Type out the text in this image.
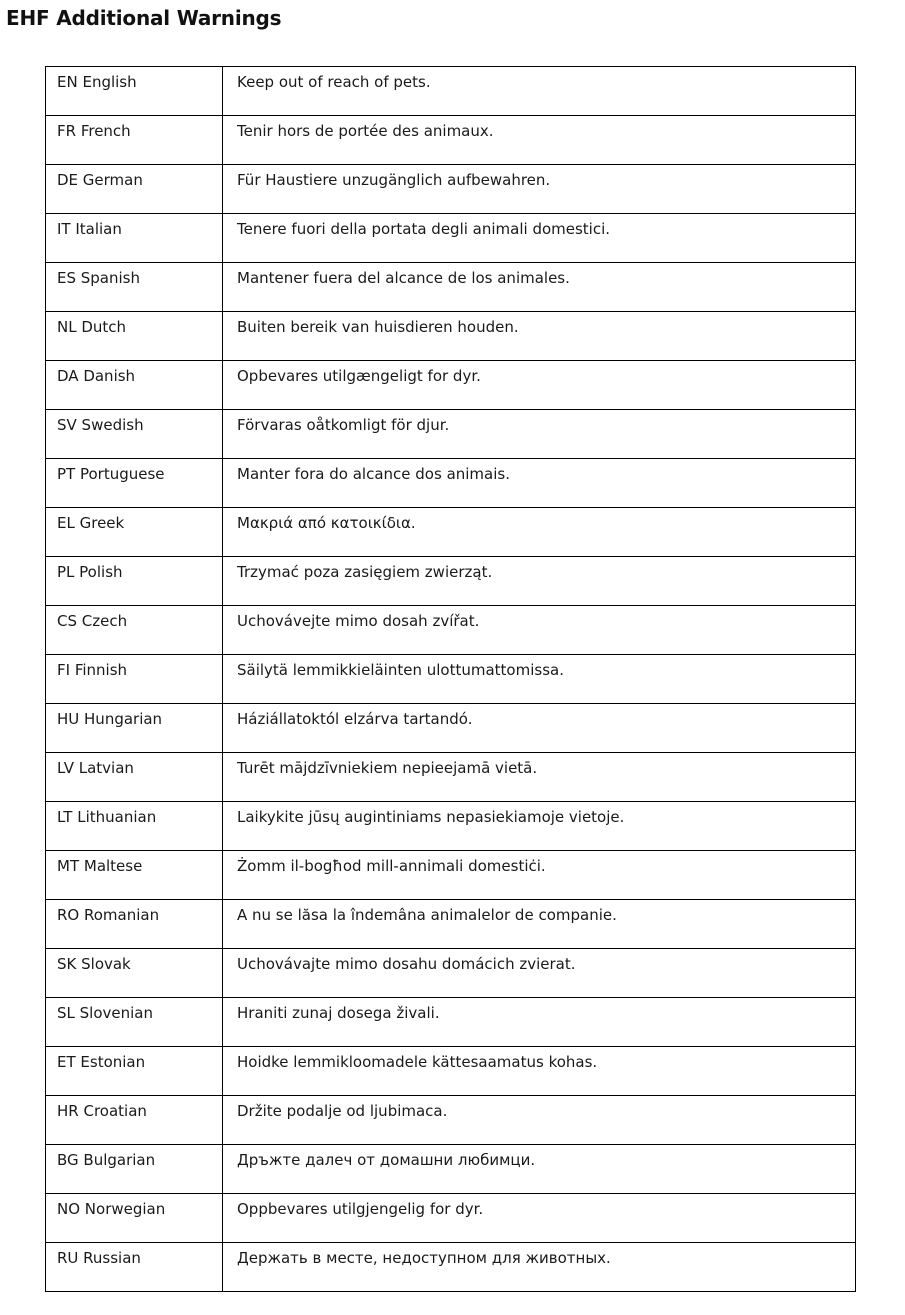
EHF Additional Warnings
EN English	Keep out of reach of pets.

FR French	Tenir hors de portée des animaux.

DE German	Für Haustiere unzugänglich aufbewahren.

IT Italian	Tenere fuori della portata degli animali domestici.

ES Spanish	Mantener fuera del alcance de los animales.

NL Dutch	Buiten bereik van huisdieren houden.

DA Danish	Opbevares utilgængeligt for dyr.

SV Swedish	Förvaras oåtkomligt för djur.

PT Portuguese	Manter fora do alcance dos animais.

EL Greek	Μακριά από κατοικίδια.

PL Polish	Trzymać poza zasięgiem zwierząt.

CS Czech	Uchovávejte mimo dosah zvířat.

FI Finnish	Säilytä lemmikkieläinten ulottumattomissa.

HU Hungarian	Háziállatoktól elzárva tartandó.

LV Latvian	Turēt mājdzīvniekiem nepieejamā vietā.

LT Lithuanian	Laikykite jūsų augintiniams nepasiekiamoje vietoje.

MT Maltese	Żomm il-bogħod mill-annimali domestiċi.

RO Romanian	A nu se lăsa la îndemâna animalelor de companie.

SK Slovak	Uchovávajte mimo dosahu domácich zvierat.

SL Slovenian	Hraniti zunaj dosega živali.

ET Estonian	Hoidke lemmikloomadele kättesaamatus kohas.

HR Croatian	Držite podalje od ljubimaca.

BG Bulgarian	Дръжте далеч от домашни любимци.

NO Norwegian	Oppbevares utilgjengelig for dyr.

RU Russian	Держать в месте, недоступном для животных.
